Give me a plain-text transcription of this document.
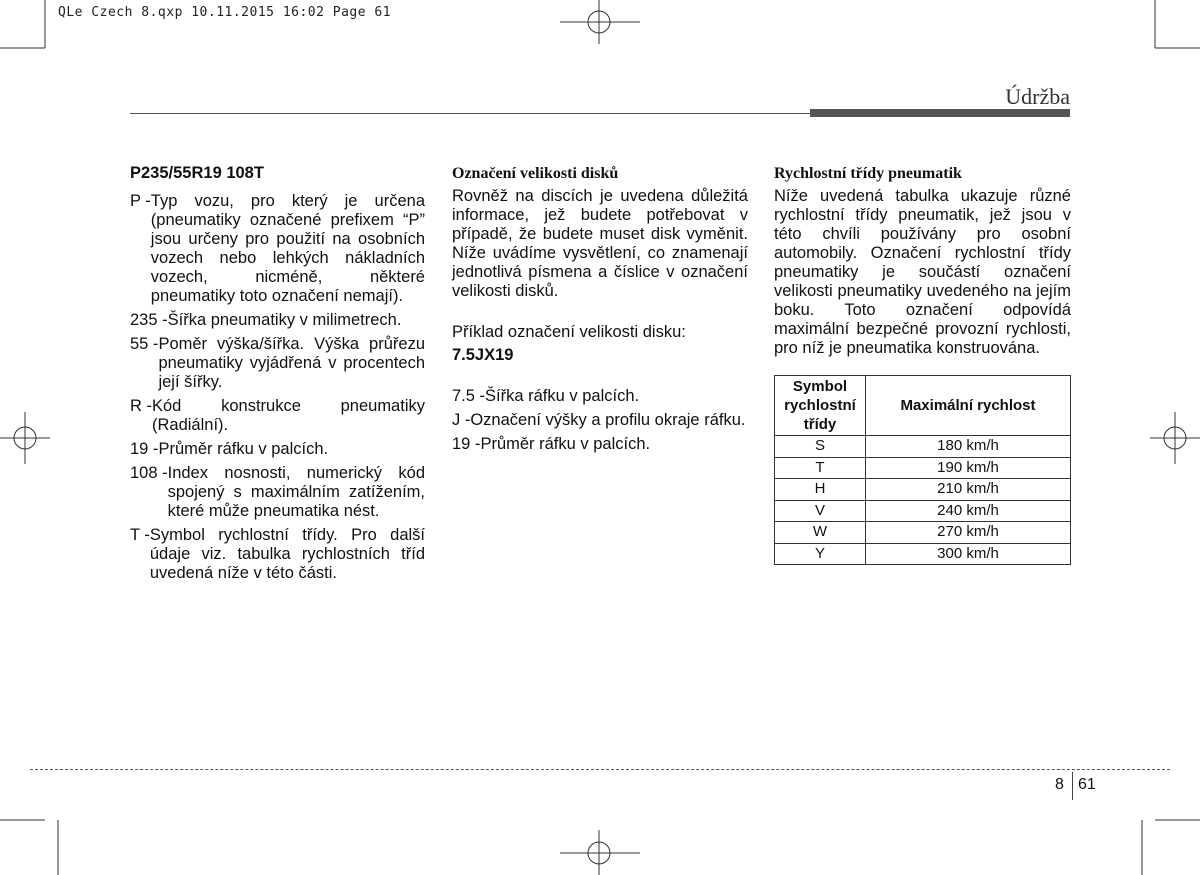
QLe Czech 8.qxp 10.11.2015 16:02 Page 61
Údržba
P235/55R19 108T
P - Typ vozu, pro který je určena (pneumatiky označené prefixem “P” jsou určeny pro použití na osobních vozech nebo lehkých nákladních vozech, nicméně, některé pneumatiky toto označení nemají).
235 - Šířka pneumatiky v milimetrech.
55 - Poměr výška/šířka. Výška průřezu pneumatiky vyjádřená v procentech její šířky.
R - Kód konstrukce pneumatiky (Radiální).
19 - Průměr ráfku v palcích.
108 - Index nosnosti, numerický kód spojený s maximálním zatížením, které může pneumatika nést.
T - Symbol rychlostní třídy. Pro další údaje viz. tabulka rychlostních tříd uvedená níže v této části.
Označení velikosti disků

Rovněž na discích je uvedena důležitá informace, jež budete potřebovat v případě, že budete muset disk vyměnit. Níže uvádíme vysvětlení, co znamenají jednotlivá písmena a číslice v označení velikosti disků.

Příklad označení velikosti disku:
7.5JX19
7.5 - Šířka ráfku v palcích.
J - Označení výšky a profilu okraje ráfku.
19 - Průměr ráfku v palcích.
Rychlostní třídy pneumatik

Níže uvedená tabulka ukazuje různé rychlostní třídy pneumatik, jež jsou v této chvíli používány pro osobní automobily. Označení rychlostní třídy pneumatiky je součástí označení velikosti pneumatiky uvedeného na jejím boku. Toto označení odpovídá maximální bezpečné provozní rychlosti, pro níž je pneumatika konstruována.

Symbol rychlostní třídy	Maximální rychlost
S	180 km/h
T	190 km/h
H	210 km/h
V	240 km/h
W	270 km/h
Y	300 km/h
8 61
